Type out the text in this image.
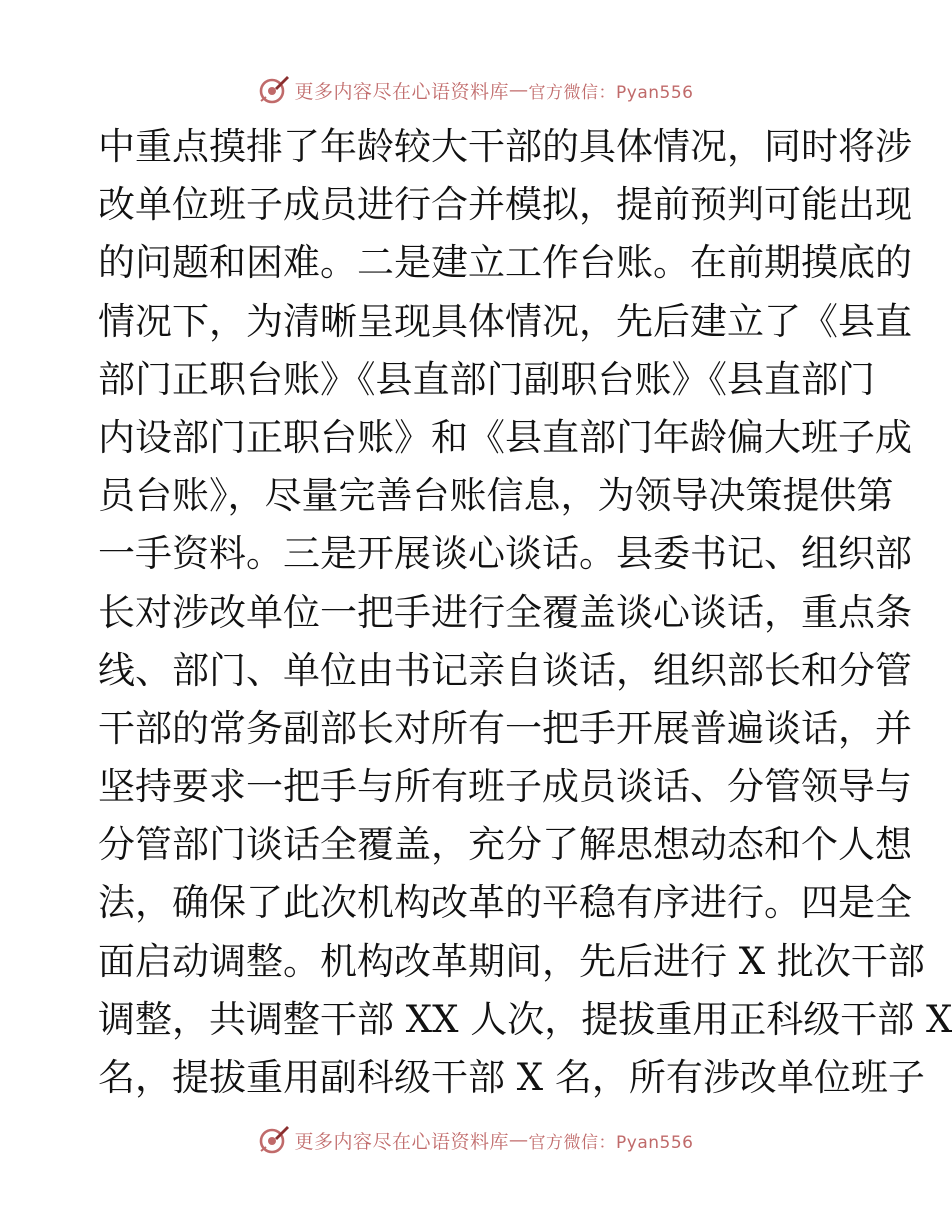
更多内容尽在心语资料库 — 官方微信：Pyan556
中重点摸排了年龄较大干部的具体情况，同时将涉
改单位班子成员进行合并模拟，提前预判可能出现
的问题和困难。二是建立工作台账。在前期摸底的
情况下，为清晰呈现具体情况，先后建立了《县直
部门正职台账》《县直部门副职台账》《县直部门
内设部门正职台账》和《县直部门年龄偏大班子成
员台账》，尽量完善台账信息，为领导决策提供第
一手资料。三是开展谈心谈话。县委书记、组织部
长对涉改单位一把手进行全覆盖谈心谈话，重点条
线、部门、单位由书记亲自谈话，组织部长和分管
干部的常务副部长对所有一把手开展普遍谈话，并
坚持要求一把手与所有班子成员谈话、分管领导与
分管部门谈话全覆盖，充分了解思想动态和个人想
法，确保了此次机构改革的平稳有序进行。四是全
面启动调整。机构改革期间，先后进行 X 批次干部
调整，共调整干部 XX 人次，提拔重用正科级干部 X
名，提拔重用副科级干部 X 名，所有涉改单位班子
更多内容尽在心语资料库 — 官方微信：Pyan556
